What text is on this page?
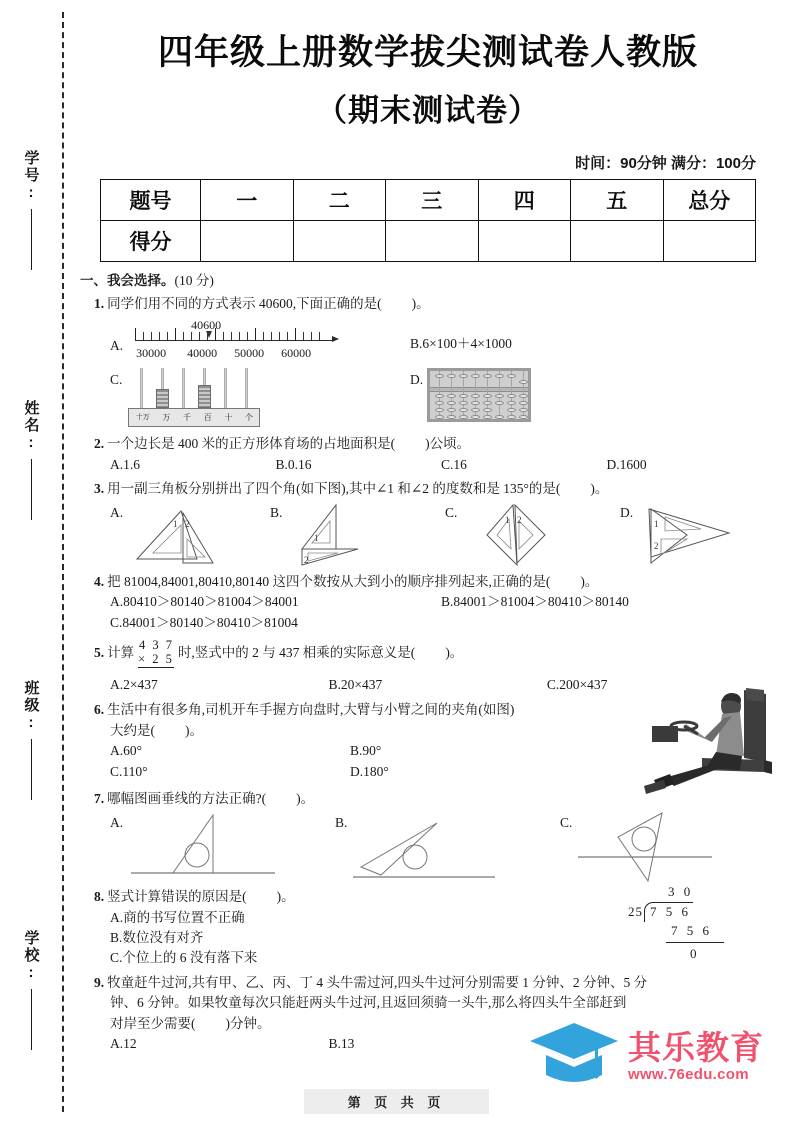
学号:
姓名:
班级:
学校:
四年级上册数学拔尖测试卷人教版
（期末测试卷）
时间：90分钟 满分：100分
题号	一	二	三	四	五	总分
得分						
一、我会选择。(10 分)
1. 同学们用不同的方式表示 40600,下面正确的是( )。
A.
40600
30000 40000 50000 60000
B.6×100＋4×1000
C.
十万 万 千 百 十 个
D.
2. 一个边长是 400 米的正方形体育场的占地面积是( )公顷。
A.1.6	B.0.16	C.16	D.1600
3. 用一副三角板分别拼出了四个角(如下图),其中∠1 和∠2 的度数和是 135°的是( )。
A.
1 2
B.
1
2
C.	1 2	D.
1
2
4. 把 81004,84001,80410,80140 这四个数按从大到小的顺序排列起来,正确的是( )。
A.80410＞80140＞81004＞84001	B.84001＞81004＞80410＞80140
C.84001＞80140＞80410＞81004
5. 计算
4 3 7
× 2 5 时,竖式中的 2 与 437 相乘的实际意义是( )。
A.2×437	B.20×437	C.200×437
6. 生活中有很多角,司机开车手握方向盘时,大臂与小臂之间的夹角(如图)
大约是( )。
A.60°	B.90°
C.110°	D.180°
7. 哪幅图画垂线的方法正确?( )。
A.	B.	C.
3 0
25 7 5 6
7 5 6
0
8. 竖式计算错误的原因是( )。
A.商的书写位置不正确
B.数位没有对齐
C.个位上的 6 没有落下来
9. 牧童赶牛过河,共有甲、乙、丙、丁 4 头牛需过河,四头牛过河分别需要 1 分钟、2 分钟、5 分
钟、6 分钟。如果牧童每次只能赶两头牛过河,且返回须骑一头牛,那么将四头牛全部赶到
对岸至少需要( )分钟。
A.12	B.13	其乐教育
www.76edu.com
第 页 共 页
